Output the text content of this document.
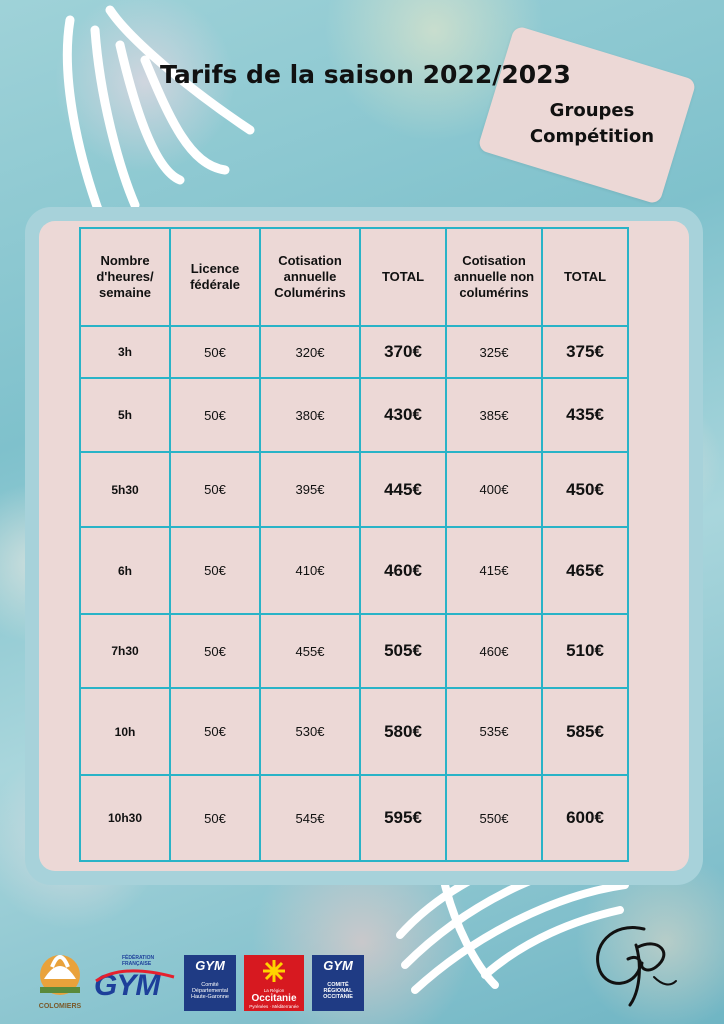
Groupes
Compétition
Tarifs de la saison 2022/2023
Nombre d'heures/ semaine	Licence fédérale	Cotisation annuelle Columérins	TOTAL	Cotisation annuelle non columérins	TOTAL
3h	50€	320€	370€	325€	375€
5h	50€	380€	430€	385€	435€
5h30	50€	395€	445€	400€	450€
6h	50€	410€	460€	415€	465€
7h30	50€	455€	505€	460€	510€
10h	50€	530€	580€	535€	585€
10h30	50€	545€	595€	550€	600€
COLOMIERS
FÉDÉRATION
FRANÇAISE
GYM
GYM
Comité
Départemental
Haute-Garonne
La Région
Occitanie
Pyrénées · Méditerranée
GYM
COMITÉ
RÉGIONAL
OCCITANIE
